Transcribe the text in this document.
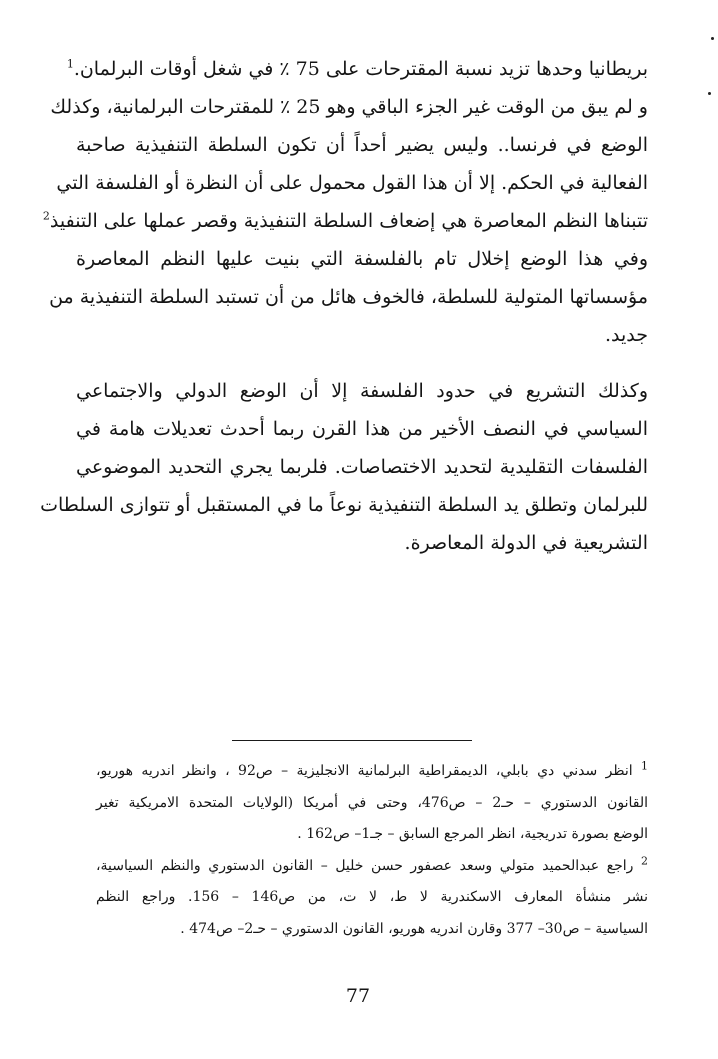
بريطانيا وحدها تزيد نسبة المقترحات على 75 ٪ في شغل أوقات البرلمان.$^1$
و لم يبق من الوقت غير الجزء الباقي وهو 25 ٪ للمقترحات البرلمانية، وكذلك
الوضع في فرنسا.. وليس يضير أحداً أن تكون السلطة التنفيذية صاحبة
الفعالية في الحكم. إلا أن هذا القول محمول على أن النظرة أو الفلسفة التي
تتبناها النظم المعاصرة هي إضعاف السلطة التنفيذية وقصر عملها على التنفيذ$^2$
وفي هذا الوضع إخلال تام بالفلسفة التي بنيت عليها النظم المعاصرة
مؤسساتها المتولية للسلطة، فالخوف هائل من أن تستبد السلطة التنفيذية من
جديد.
وكذلك التشريع في حدود الفلسفة إلا أن الوضع الدولي والاجتماعي
السياسي في النصف الأخير من هذا القرن ربما أحدث تعديلات هامة في
الفلسفات التقليدية لتحديد الاختصاصات. فلربما يجري التحديد الموضوعي
للبرلمان وتطلق يد السلطة التنفيذية نوعاً ما في المستقبل أو تتوازى السلطات
التشريعية في الدولة المعاصرة.
$^1$ انظر سدني دي بابلي، الديمقراطية البرلمانية الانجليزية – ص92 ، وانظر اندريه هوريو،
القانون الدستوري – حـ2 – ص476، وحتى في أمريكا (الولايات المتحدة الامريكية تغير
الوضع بصورة تدريجية، انظر المرجع السابق – جـ1– ص162 .
$^2$ راجع عبدالحميد متولي وسعد عصفور حسن خليل – القانون الدستوري والنظم السياسية،
نشر منشأة المعارف الاسكندرية لا ط، لا ت، من ص146 – 156. وراجع النظم
السياسية – ص30– 377 وقارن اندريه هوريو، القانون الدستوري – حـ2– ص474 .
77
